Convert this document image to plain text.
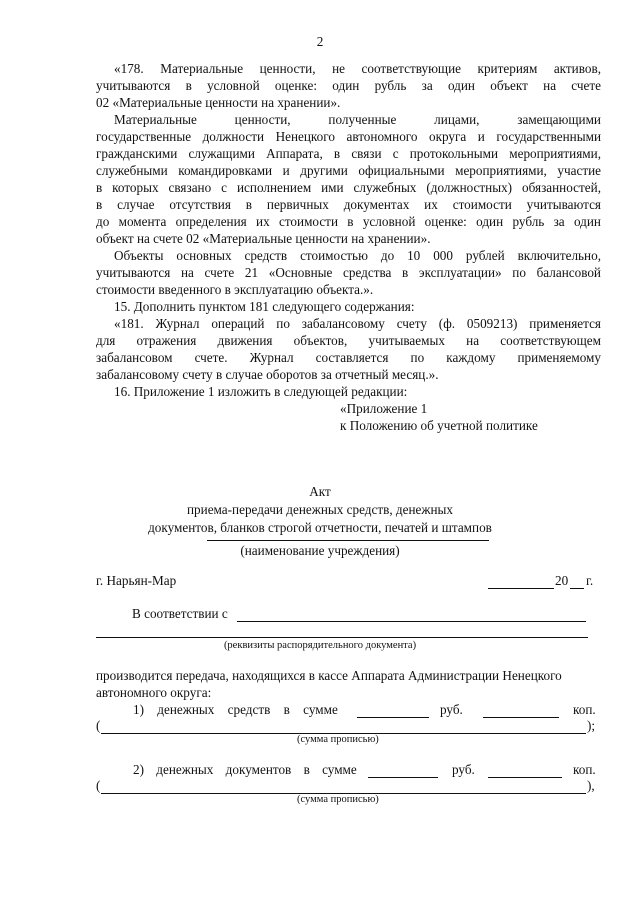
2
«178. Материальные ценности, не соответствующие критериям активов,
учитываются в условной оценке: один рубль за один объект на счете
02 «Материальные ценности на хранении».
Материальные ценности, полученные лицами, замещающими
государственные должности Ненецкого автономного округа и государственными
гражданскими служащими Аппарата, в связи с протокольными мероприятиями,
служебными командировками и другими официальными мероприятиями, участие
в которых связано с исполнением ими служебных (должностных) обязанностей,
в случае отсутствия в первичных документах их стоимости учитываются
до момента определения их стоимости в условной оценке: один рубль за один
объект на счете 02 «Материальные ценности на хранении».
Объекты основных средств стоимостью до 10 000 рублей включительно,
учитываются на счете 21 «Основные средства в эксплуатации» по балансовой
стоимости введенного в эксплуатацию объекта.».
15. Дополнить пунктом 181 следующего содержания:
«181. Журнал операций по забалансовому счету (ф. 0509213) применяется
для отражения движения объектов, учитываемых на соответствующем
забалансовом счете. Журнал составляется по каждому применяемому
забалансовому счету в случае оборотов за отчетный месяц.».
16. Приложение 1 изложить в следующей редакции:
«Приложение 1
к Положению об учетной политике
Акт
приема-передачи денежных средств, денежных
документов, бланков строгой отчетности, печатей и штампов
(наименование учреждения)
г. Нарьян-Мар	20 г.
В соответствии с
(реквизиты распорядительного документа)
производится передача, находящихся в кассе Аппарата Администрации Ненецкого
автономного округа:
1) денежных средств в сумме	руб.	коп.
(	);
(сумма прописью)
2) денежных документов в сумме	руб.	коп.
(	),
(сумма прописью)
